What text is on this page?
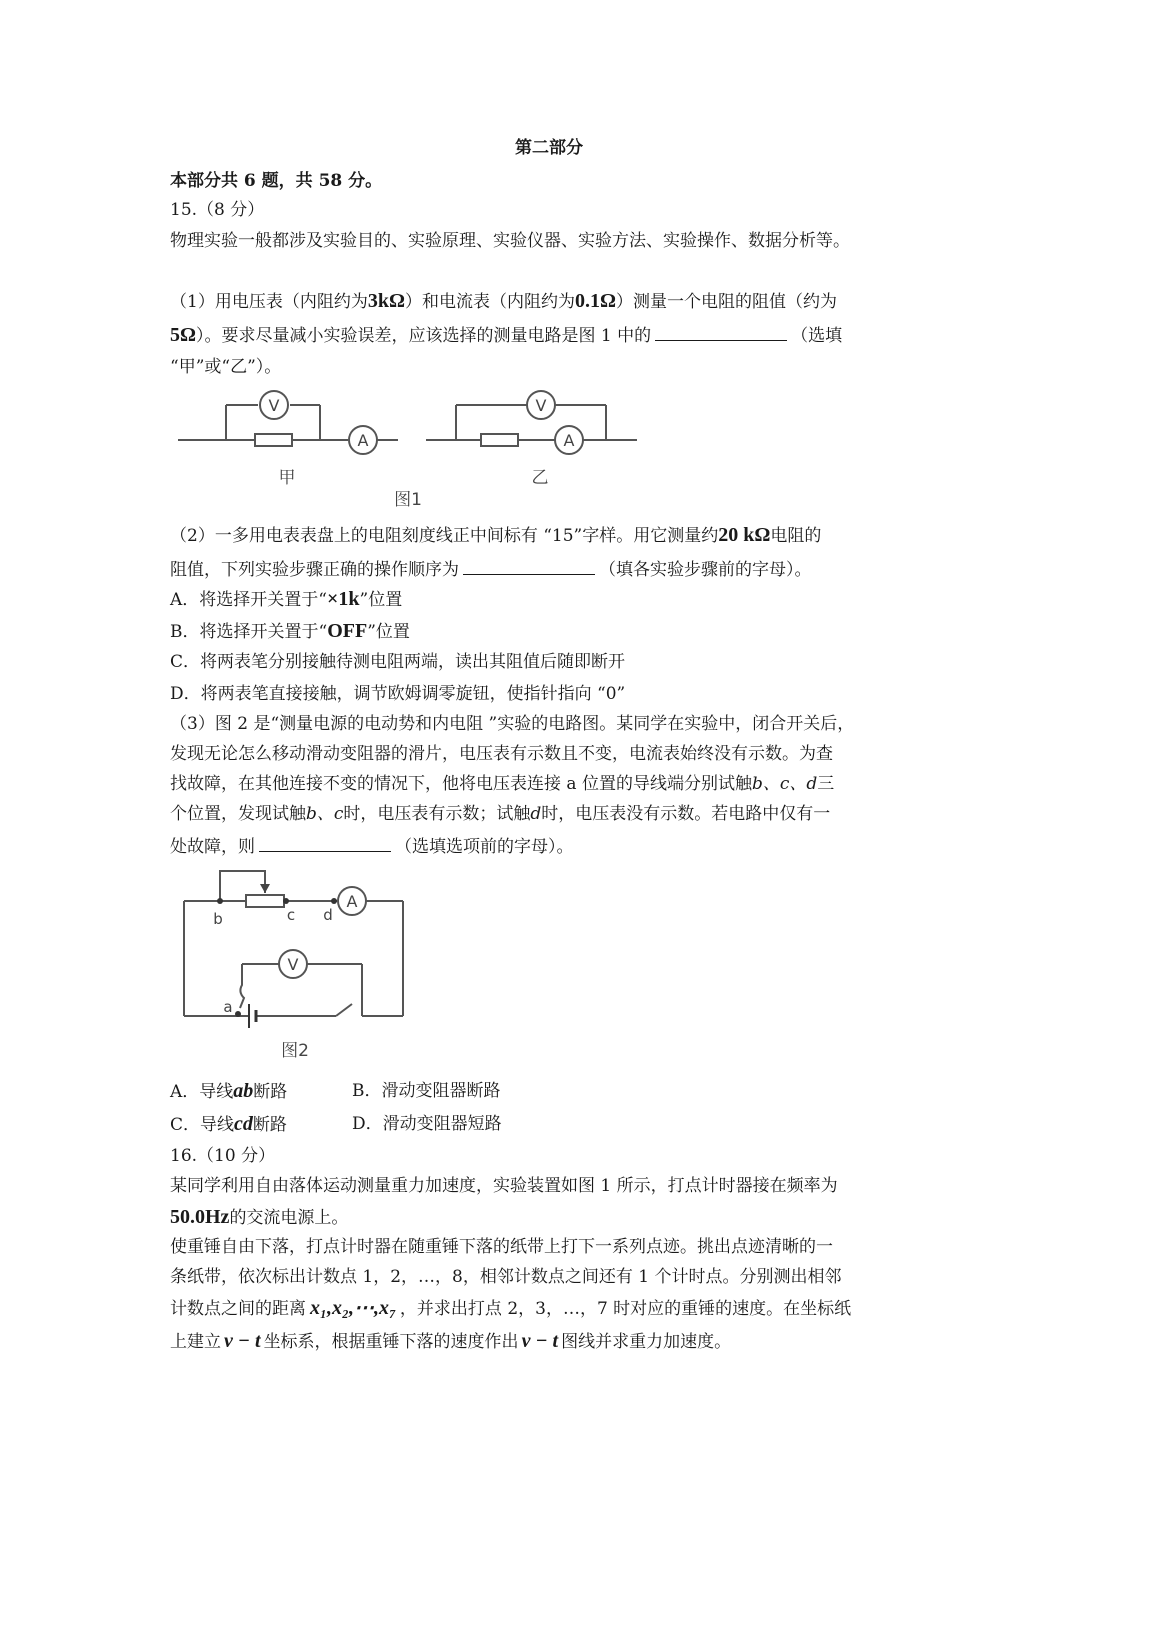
第二部分
本部分共 6 题，共 58 分。
15.（8 分）
物理实验一般都涉及实验目的、实验原理、实验仪器、实验方法、实验操作、数据分析等。
（1）用电压表（内阻约为3kΩ）和电流表（内阻约为0.1Ω）测量一个电阻的阻值（约为
5Ω）。要求尽量减小实验误差，应该选择的测量电路是图 1 中的	（选填
“甲”或“乙”）。
V
A
V
A
甲	乙
图1
（2）一多用电表表盘上的电阻刻度线正中间标有 “15”字样。用它测量约20 kΩ电阻的
阻值，下列实验步骤正确的操作顺序为	（填各实验步骤前的字母）。
A．将选择开关置于“×1k”位置
B．将选择开关置于“OFF”位置
C．将两表笔分别接触待测电阻两端，读出其阻值后随即断开
D．将两表笔直接接触，调节欧姆调零旋钮，使指针指向 “0”
（3）图 2 是“测量电源的电动势和内电阻 ”实验的电路图。某同学在实验中，闭合开关后，
发现无论怎么移动滑动变阻器的滑片，电压表有示数且不变，电流表始终没有示数。为查
找故障，在其他连接不变的情况下，他将电压表连接 a 位置的导线端分别试触b、c、d三
个位置，发现试触b、c时，电压表有示数；试触d时，电压表没有示数。若电路中仅有一
处故障，则	（选填选项前的字母）。
A
V
b	c d
a
图2
A．导线ab断路	B．滑动变阻器断路
C．导线cd断路	D．滑动变阻器短路
16.（10 分）
某同学利用自由落体运动测量重力加速度，实验装置如图 1 所示，打点计时器接在频率为
50.0Hz的交流电源上。
使重锤自由下落，打点计时器在随重锤下落的纸带上打下一系列点迹。挑出点迹清晰的一
条纸带，依次标出计数点 1，2，…，8，相邻计数点之间还有 1 个计时点。分别测出相邻
计数点之间的距离 x₁,x₂,⋯,x₇ ，并求出打点 2，3，…，7 时对应的重锤的速度。在坐标纸
上建立 v − t 坐标系，根据重锤下落的速度作出 v − t 图线并求重力加速度。
